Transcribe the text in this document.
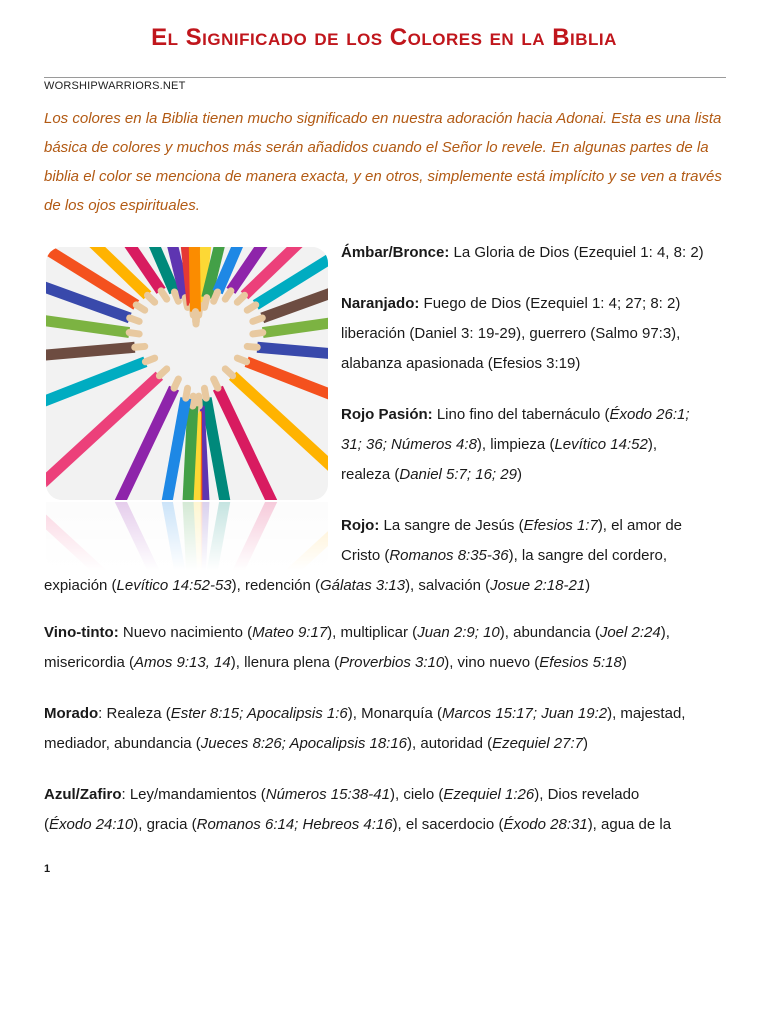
El Significado de los Colores en la Biblia
WORSHIPWARRIORS.NET
Los colores en la Biblia tienen mucho significado en nuestra adoración hacia Adonai. Esta es una lista
básica de colores y muchos más serán añadidos cuando el Señor lo revele. En algunas partes de la
biblia el color se menciona de manera exacta, y en otros, simplemente está implícito y se ven a través
de los ojos espirituales.
Ámbar/Bronce: La Gloria de Dios (Ezequiel 1: 4, 8: 2)
Naranjado: Fuego de Dios (Ezequiel 1: 4; 27; 8: 2)
liberación (Daniel 3: 19-29), guerrero (Salmo 97:3),
alabanza apasionada (Efesios 3:19)
Rojo Pasión: Lino fino del tabernáculo (Éxodo 26:1;
31; 36; Números 4:8), limpieza (Levítico 14:52),
realeza (Daniel 5:7; 16; 29)
Rojo: La sangre de Jesús (Efesios 1:7), el amor de
Cristo (Romanos 8:35-36), la sangre del cordero,
expiación (Levítico 14:52-53), redención (Gálatas 3:13), salvación (Josue 2:18-21)
Vino-tinto: Nuevo nacimiento (Mateo 9:17), multiplicar (Juan 2:9; 10), abundancia (Joel 2:24),
misericordia (Amos 9:13, 14), llenura plena (Proverbios 3:10), vino nuevo (Efesios 5:18)
Morado: Realeza (Ester 8:15; Apocalipsis 1:6), Monarquía (Marcos 15:17; Juan 19:2), majestad,
mediador, abundancia (Jueces 8:26; Apocalipsis 18:16), autoridad (Ezequiel 27:7)
Azul/Zafiro: Ley/mandamientos (Números 15:38-41), cielo (Ezequiel 1:26), Dios revelado
(Éxodo 24:10), gracia (Romanos 6:14; Hebreos 4:16), el sacerdocio (Éxodo 28:31), agua de la
1
